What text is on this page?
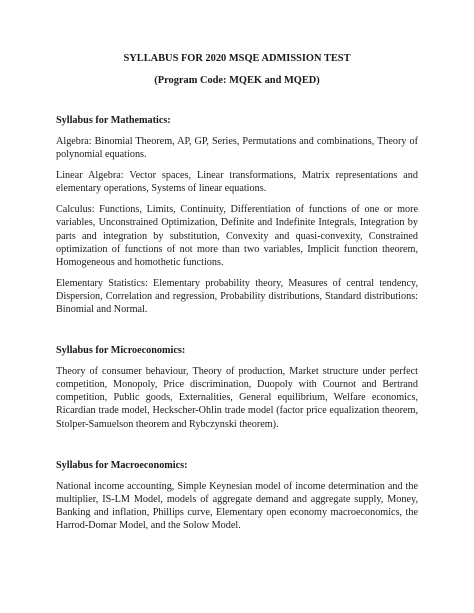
SYLLABUS FOR 2020 MSQE ADMISSION TEST
(Program Code: MQEK and MQED)
Syllabus for Mathematics:

Algebra: Binomial Theorem, AP, GP, Series, Permutations and combinations, Theory of polynomial equations.

Linear Algebra: Vector spaces, Linear transformations, Matrix representations and elementary operations, Systems of linear equations.

Calculus: Functions, Limits, Continuity, Differentiation of functions of one or more variables, Unconstrained Optimization, Definite and Indefinite Integrals, Integration by parts and integration by substitution, Convexity and quasi-convexity, Constrained optimization of functions of not more than two variables, Implicit function theorem, Homogeneous and homothetic functions.

Elementary Statistics: Elementary probability theory, Measures of central tendency, Dispersion, Correlation and regression, Probability distributions, Standard distributions: Binomial and Normal.

Syllabus for Microeconomics:

Theory of consumer behaviour, Theory of production, Market structure under perfect competition, Monopoly, Price discrimination, Duopoly with Cournot and Bertrand competition, Public goods, Externalities, General equilibrium, Welfare economics, Ricardian trade model, Heckscher-Ohlin trade model (factor price equalization theorem, Stolper-Samuelson theorem and Rybczynski theorem).

Syllabus for Macroeconomics:

National income accounting, Simple Keynesian model of income determination and the multiplier, IS-LM Model, models of aggregate demand and aggregate supply, Money, Banking and inflation, Phillips curve, Elementary open economy macroeconomics, the Harrod-Domar Model, and the Solow Model.
